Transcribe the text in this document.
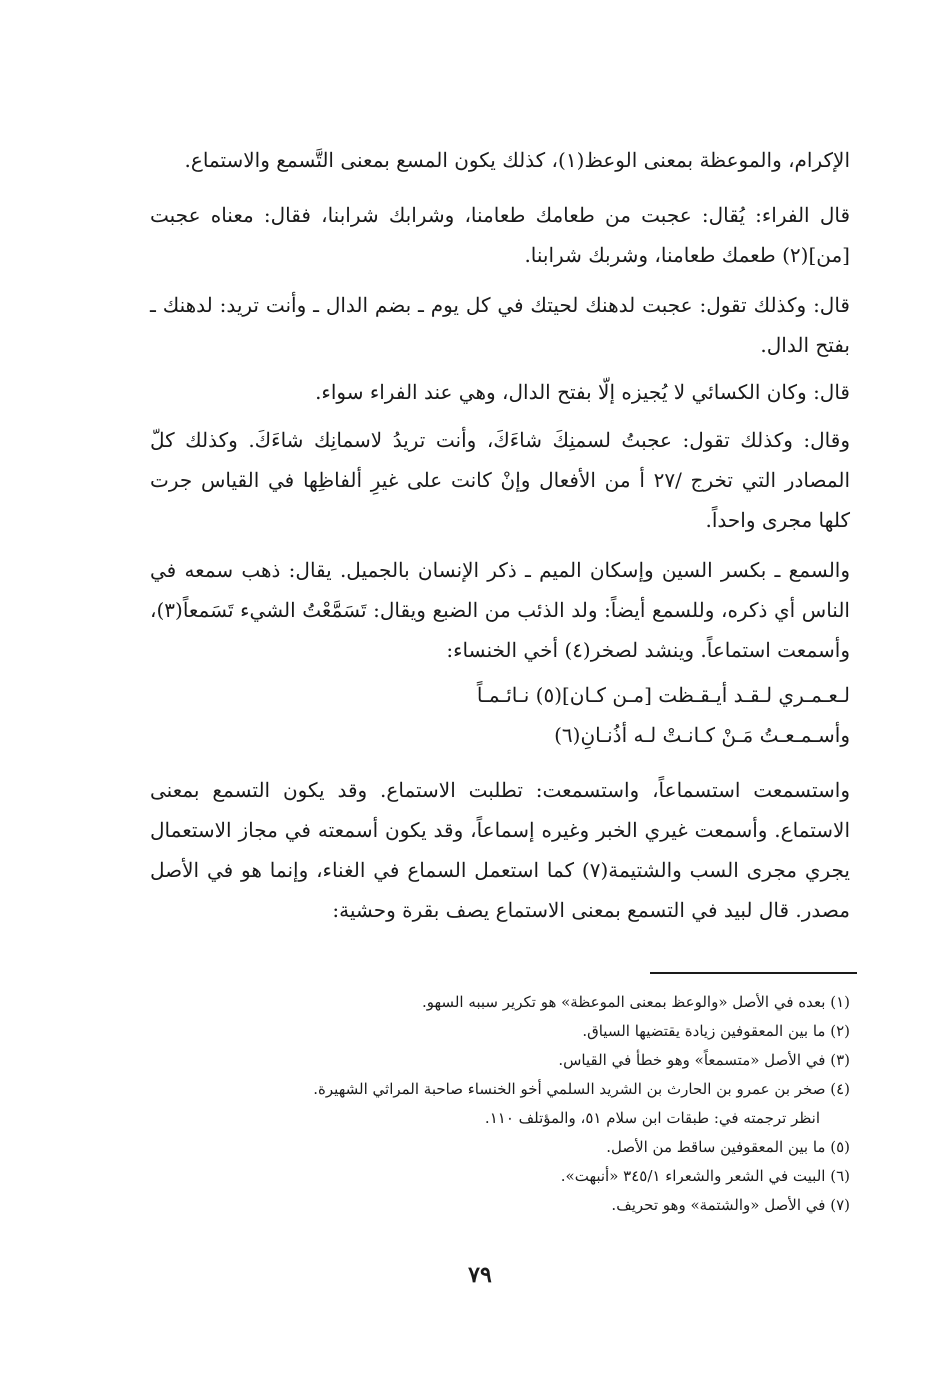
الإكرام، والموعظة بمعنى الوعظ(١)، كذلك يكون المسع بمعنى التَّسمع والاستماع.

قال الفراء: يُقال: عجبت من طعامك طعامنا، وشرابك شرابنا، فقال: معناه عجبت [من](٢) طعمك طعامنا، وشربك شرابنا.

قال: وكذلك تقول: عجبت لدهنك لحيتك في كل يوم ـ بضم الدال ـ وأنت تريد: لدهنك ـ بفتح الدال.

قال: وكان الكسائي لا يُجيزه إلّا بفتح الدال، وهي عند الفراء سواء.

وقال: وكذلك تقول: عجبتُ لسمنِكَ شاءَكَ، وأنت تريدُ لاسمانِك شاءَكَ. وكذلك كلّ المصادر التي تخرج /٢٧ أ من الأفعال وإنْ كانت على غيرِ ألفاظِها في القياس جرت كلها مجرى واحداً.

والسمع ـ بكسر السين وإسكان الميم ـ ذكر الإنسان بالجميل. يقال: ذهب سمعه في الناس أي ذكره، وللسمع أيضاً: ولد الذئب من الضبع ويقال: تَسَمَّعْتُ الشيء تَسَمعاً(٣)، وأسمعت استماعاً. وينشد لصخر(٤) أخي الخنساء:

لـعـمـري لـقـد أيـقـظت [مـن كـان](٥) نـائـمـاً
وأسـمـعـتُ مَـنْ كـانـتْ لـه أذُنـانِ(٦)

واستسمعت استسماعاً، واستسمعت: تطلبت الاستماع. وقد يكون التسمع بمعنى الاستماع. وأسمعت غيري الخبر وغيره إسماعاً، وقد يكون أسمعته في مجاز الاستعمال يجري مجرى السب والشتيمة(٧) كما استعمل السماع في الغناء، وإنما هو في الأصل مصدر. قال لبيد في التسمع بمعنى الاستماع يصف بقرة وحشية:

(١) بعده في الأصل «والوعظ بمعنى الموعظة» هو تكرير سببه السهو.

(٢) ما بين المعقوفين زيادة يقتضيها السياق.

(٣) في الأصل «متسمعاً» وهو خطأ في القياس.

(٤) صخر بن عمرو بن الحارث بن الشريد السلمي أخو الخنساء صاحبة المراثي الشهيرة.

انظر ترجمته في: طبقات ابن سلام ٥١، والمؤتلف ١١٠.

(٥) ما بين المعقوفين ساقط من الأصل.

(٦) البيت في الشعر والشعراء ٣٤٥/١ «أنبهت».

(٧) في الأصل «والشتمة» وهو تحريف.

٧٩
